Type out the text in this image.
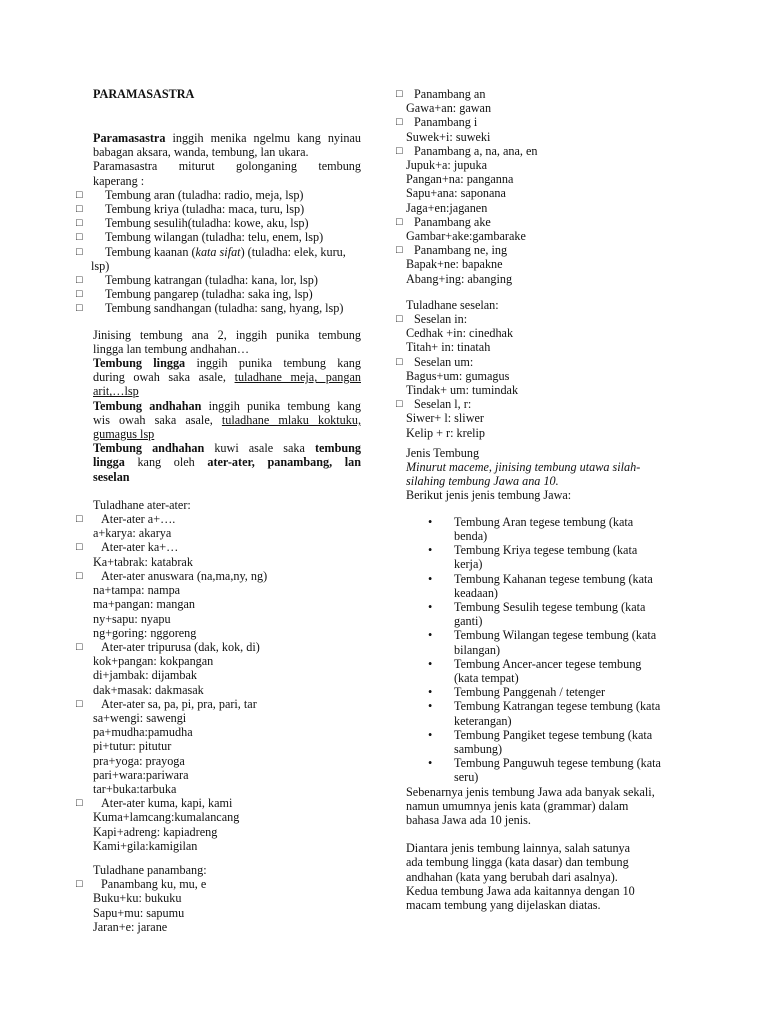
PARAMASASTRA
Paramasastra inggih menika ngelmu kang nyinau
babagan aksara, wanda, tembung, lan ukara.
Paramasastra miturut golonganing tembung
kaperang :
□ Tembung aran (tuladha: radio, meja, lsp)
□ Tembung kriya (tuladha: maca, turu, lsp)
□ Tembung sesulih(tuladha: kowe, aku, lsp)
□ Tembung wilangan (tuladha: telu, enem, lsp)
□ Tembung kaanan (kata sifat) (tuladha: elek, kuru,
lsp)
□ Tembung katrangan (tuladha: kana, lor, lsp)
□ Tembung pangarep (tuladha: saka ing, lsp)
□ Tembung sandhangan (tuladha: sang, hyang, lsp)
Jinising tembung ana 2, inggih punika tembung
lingga lan tembung andhahan…
Tembung lingga inggih punika tembung kang
during owah saka asale, tuladhane meja, pangan
arit,…lsp
Tembung andhahan inggih punika tembung kang
wis owah saka asale, tuladhane mlaku koktuku,
gumagus lsp
Tembung andhahan kuwi asale saka tembung
lingga kang oleh ater-ater, panambang, lan
seselan
Tuladhane ater-ater:
□ Ater-ater a+….
a+karya: akarya
□ Ater-ater ka+…
Ka+tabrak: katabrak
□ Ater-ater anuswara (na,ma,ny, ng)
na+tampa: nampa
ma+pangan: mangan
ny+sapu: nyapu
ng+goring: nggoreng
□ Ater-ater tripurusa (dak, kok, di)
kok+pangan: kokpangan
di+jambak: dijambak
dak+masak: dakmasak
□ Ater-ater sa, pa, pi, pra, pari, tar
sa+wengi: sawengi
pa+mudha:pamudha
pi+tutur: pitutur
pra+yoga: prayoga
pari+wara:pariwara
tar+buka:tarbuka
□ Ater-ater kuma, kapi, kami
Kuma+lamcang:kumalancang
Kapi+adreng: kapiadreng
Kami+gila:kamigilan
Tuladhane panambang:
□ Panambang ku, mu, e
Buku+ku: bukuku
Sapu+mu: sapumu
Jaran+e: jarane
□ Panambang an
Gawa+an: gawan
□ Panambang i
Suwek+i: suweki
□ Panambang a, na, ana, en
Jupuk+a: jupuka
Pangan+na: panganna
Sapu+ana: saponana
Jaga+en:jaganen
□ Panambang ake
Gambar+ake:gambarake
□ Panambang ne, ing
Bapak+ne: bapakne
Abang+ing: abanging
Tuladhane seselan:
□ Seselan in:
Cedhak +in: cinedhak
Titah+ in: tinatah
□ Seselan um:
Bagus+um: gumagus
Tindak+ um: tumindak
□ Seselan l, r:
Siwer+ l: sliwer
Kelip + r: krelip
Jenis Tembung
Minurut maceme, jinising tembung utawa silah-
silahing tembung Jawa ana 10.
Berikut jenis jenis tembung Jawa:
• Tembung Aran tegese tembung (kata
benda)
• Tembung Kriya tegese tembung (kata
kerja)
• Tembung Kahanan tegese tembung (kata
keadaan)
• Tembung Sesulih tegese tembung (kata
ganti)
• Tembung Wilangan tegese tembung (kata
bilangan)
• Tembung Ancer-ancer tegese tembung
(kata tempat)
• Tembung Panggenah / tetenger
• Tembung Katrangan tegese tembung (kata
keterangan)
• Tembung Pangiket tegese tembung (kata
sambung)
• Tembung Panguwuh tegese tembung (kata
seru)
Sebenarnya jenis tembung Jawa ada banyak sekali,
namun umumnya jenis kata (grammar) dalam
bahasa Jawa ada 10 jenis.
Diantara jenis tembung lainnya, salah satunya
ada tembung lingga (kata dasar) dan tembung
andhahan (kata yang berubah dari asalnya).
Kedua tembung Jawa ada kaitannya dengan 10
macam tembung yang dijelaskan diatas.
